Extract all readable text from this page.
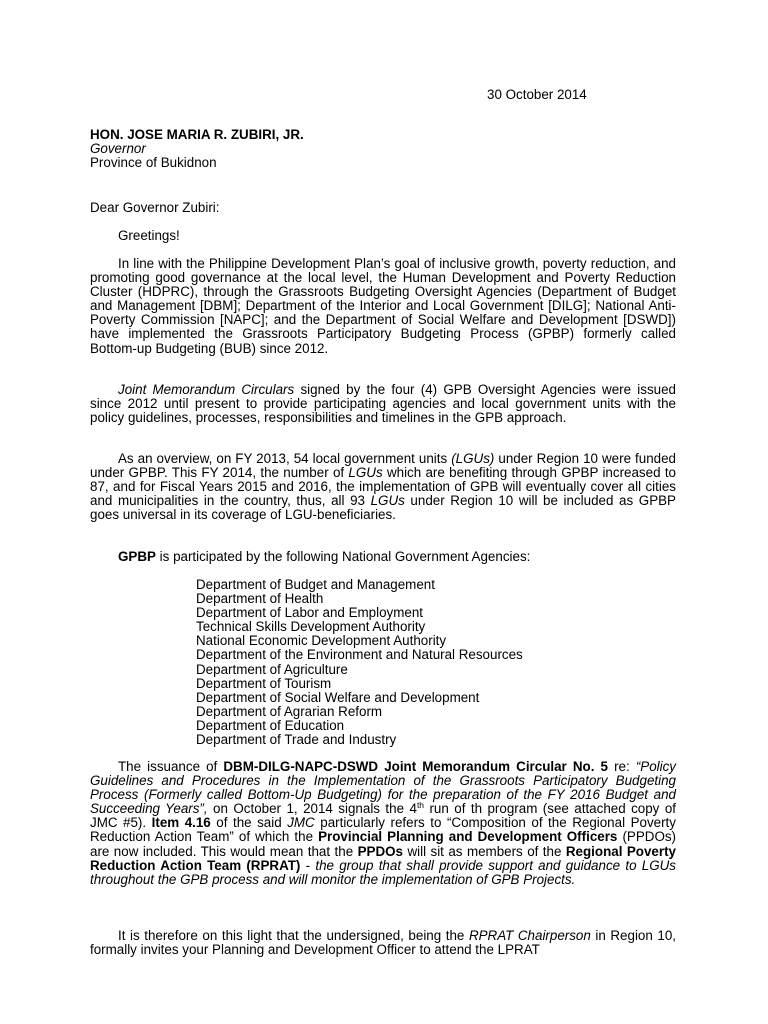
30 October 2014
HON. JOSE MARIA R. ZUBIRI, JR.
Governor
Province of Bukidnon
Dear Governor Zubiri:
Greetings!
In line with the Philippine Development Plan’s goal of inclusive growth, poverty reduction, and promoting good governance at the local level, the Human Development and Poverty Reduction Cluster (HDPRC), through the Grassroots Budgeting Oversight Agencies (Department of Budget and Management [DBM]; Department of the Interior and Local Government [DILG]; National Anti- Poverty Commission [NAPC]; and the Department of Social Welfare and Development [DSWD]) have implemented the Grassroots Participatory Budgeting Process (GPBP) formerly called Bottom-up Budgeting (BUB) since 2012.
Joint Memorandum Circulars signed by the four (4) GPB Oversight Agencies were issued since 2012 until present to provide participating agencies and local government units with the policy guidelines, processes, responsibilities and timelines in the GPB approach.
As an overview, on FY 2013, 54 local government units (LGUs) under Region 10 were funded under GPBP. This FY 2014, the number of LGUs which are benefiting through GPBP increased to 87, and for Fiscal Years 2015 and 2016, the implementation of GPB will eventually cover all cities and municipalities in the country, thus, all 93 LGUs under Region 10 will be included as GPBP goes universal in its coverage of LGU-beneficiaries.
GPBP is participated by the following National Government Agencies:
Department of Budget and Management
Department of Health
Department of Labor and Employment
Technical Skills Development Authority
National Economic Development Authority
Department of the Environment and Natural Resources
Department of Agriculture
Department of Tourism
Department of Social Welfare and Development
Department of Agrarian Reform
Department of Education
Department of Trade and Industry
The issuance of DBM-DILG-NAPC-DSWD Joint Memorandum Circular No. 5 re: “Policy Guidelines and Procedures in the Implementation of the Grassroots Participatory Budgeting Process (Formerly called Bottom-Up Budgeting) for the preparation of the FY 2016 Budget and Succeeding Years”, on October 1, 2014 signals the 4th run of th program (see attached copy of JMC #5). Item 4.16 of the said JMC particularly refers to “Composition of the Regional Poverty Reduction Action Team” of which the Provincial Planning and Development Officers (PPDOs) are now included. This would mean that the PPDOs will sit as members of the Regional Poverty Reduction Action Team (RPRAT) - the group that shall provide support and guidance to LGUs throughout the GPB process and will monitor the implementation of GPB Projects.
It is therefore on this light that the undersigned, being the RPRAT Chairperson in Region 10, formally invites your Planning and Development Officer to attend the LPRAT
